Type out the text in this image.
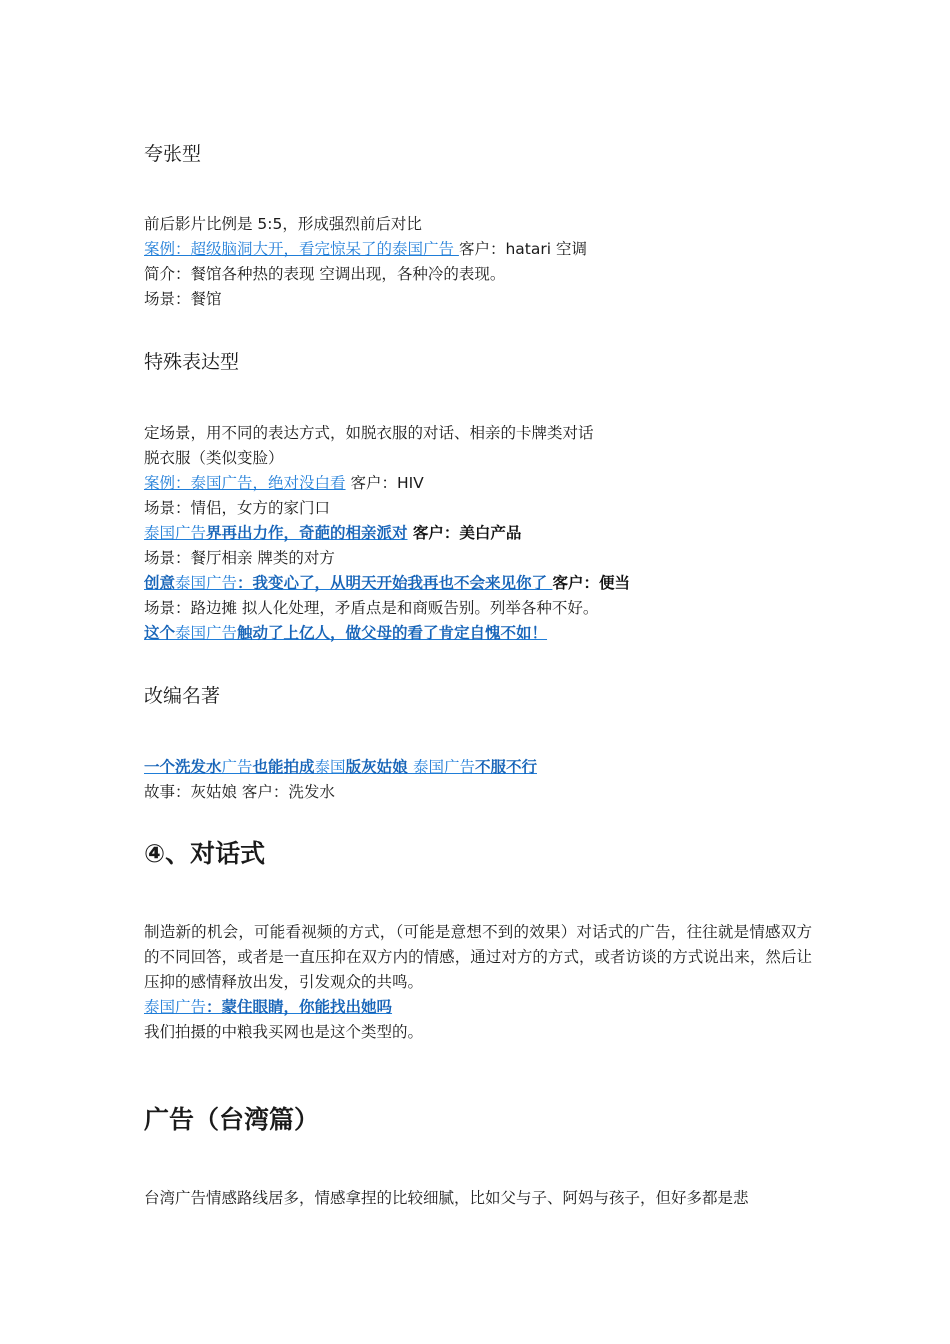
夸张型
前后影片比例是 5:5，形成强烈前后对比
案例：超级脑洞大开，看完惊呆了的泰国广告 客户：hatari 空调
简介：餐馆各种热的表现 空调出现，各种冷的表现。
场景：餐馆
特殊表达型
定场景，用不同的表达方式，如脱衣服的对话、相亲的卡牌类对话
脱衣服（类似变脸）
案例：泰国广告，绝对没白看 客户：HIV
场景：情侣，女方的家门口
泰国广告界再出力作，奇葩的相亲派对 客户：美白产品
场景：餐厅相亲 牌类的对方
创意泰国广告：我变心了，从明天开始我再也不会来见你了 客户：便当
场景：路边摊 拟人化处理，矛盾点是和商贩告别。列举各种不好。
这个泰国广告触动了上亿人，做父母的看了肯定自愧不如！
改编名著
一个洗发水广告也能拍成泰国版灰姑娘 泰国广告不服不行
故事：灰姑娘 客户：洗发水
④、对话式
制造新的机会，可能看视频的方式，（可能是意想不到的效果）对话式的广告，往往就是情感双方的不同回答，或者是一直压抑在双方内的情感，通过对方的方式，或者访谈的方式说出来，然后让压抑的感情释放出发，引发观众的共鸣。
泰国广告：蒙住眼睛，你能找出她吗
我们拍摄的中粮我买网也是这个类型的。
广告（台湾篇）
台湾广告情感路线居多，情感拿捏的比较细腻，比如父与子、阿妈与孩子，但好多都是悲
